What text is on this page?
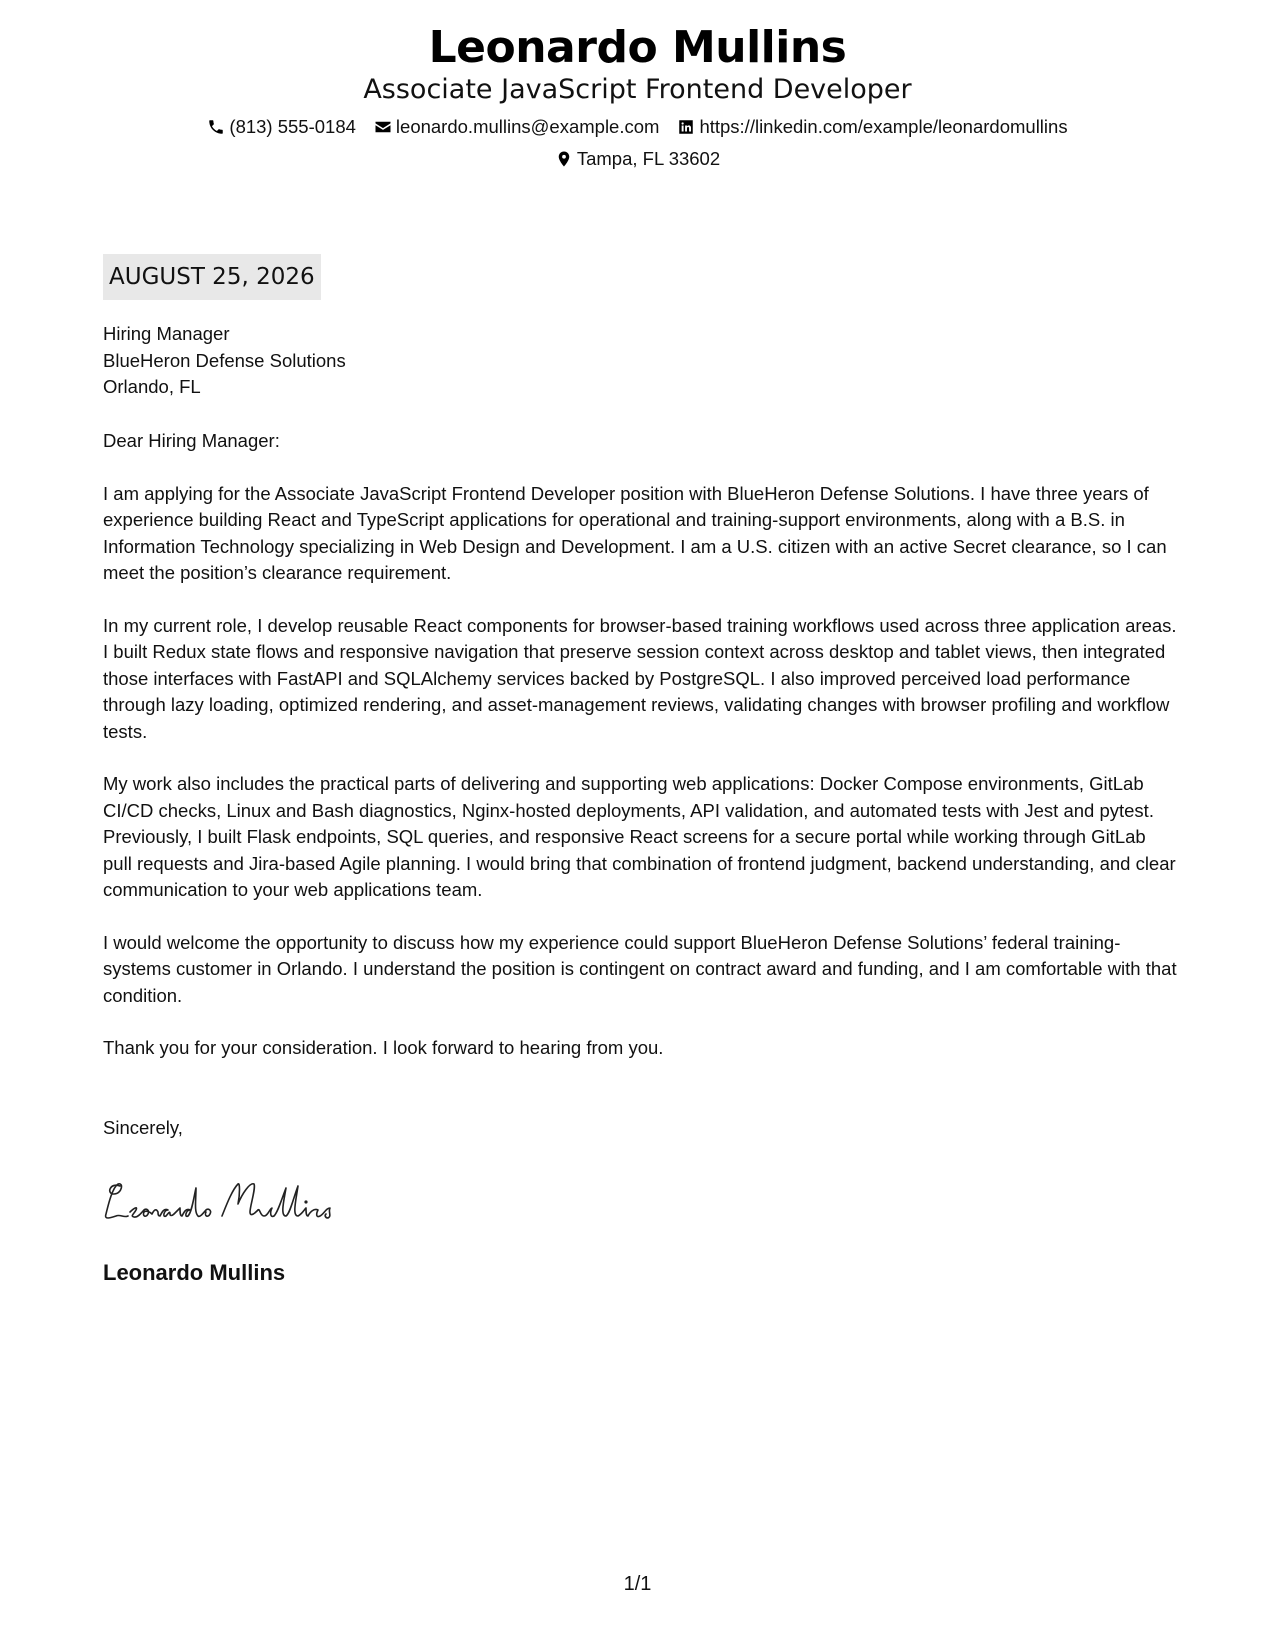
Leonardo Mullins
Associate JavaScript Frontend Developer
(813) 555-0184 leonardo.mullins@example.com https://linkedin.com/example/leonardomullins
Tampa, FL 33602
AUGUST 25, 2026
Hiring Manager
BlueHeron Defense Solutions
Orlando, FL

Dear Hiring Manager:

I am applying for the Associate JavaScript Frontend Developer position with BlueHeron Defense Solutions. I have three years of experience building React and TypeScript applications for operational and training-support environments, along with a B.S. in Information Technology specializing in Web Design and Development. I am a U.S. citizen with an active Secret clearance, so I can meet the position’s clearance requirement.

In my current role, I develop reusable React components for browser-based training workflows used across three application areas. I built Redux state flows and responsive navigation that preserve session context across desktop and tablet views, then integrated those interfaces with FastAPI and SQLAlchemy services backed by PostgreSQL. I also improved perceived load performance through lazy loading, optimized rendering, and asset-management reviews, validating changes with browser profiling and workflow tests.

My work also includes the practical parts of delivering and supporting web applications: Docker Compose environments, GitLab CI/CD checks, Linux and Bash diagnostics, Nginx-hosted deployments, API validation, and automated tests with Jest and pytest. Previously, I built Flask endpoints, SQL queries, and responsive React screens for a secure portal while working through GitLab pull requests and Jira-based Agile planning. I would bring that combination of frontend judgment, backend understanding, and clear communication to your web applications team.

I would welcome the opportunity to discuss how my experience could support BlueHeron Defense Solutions’ federal training-systems customer in Orlando. I understand the position is contingent on contract award and funding, and I am comfortable with that condition.

Thank you for your consideration. I look forward to hearing from you.

Sincerely,
Leonardo Mullins
1/1
